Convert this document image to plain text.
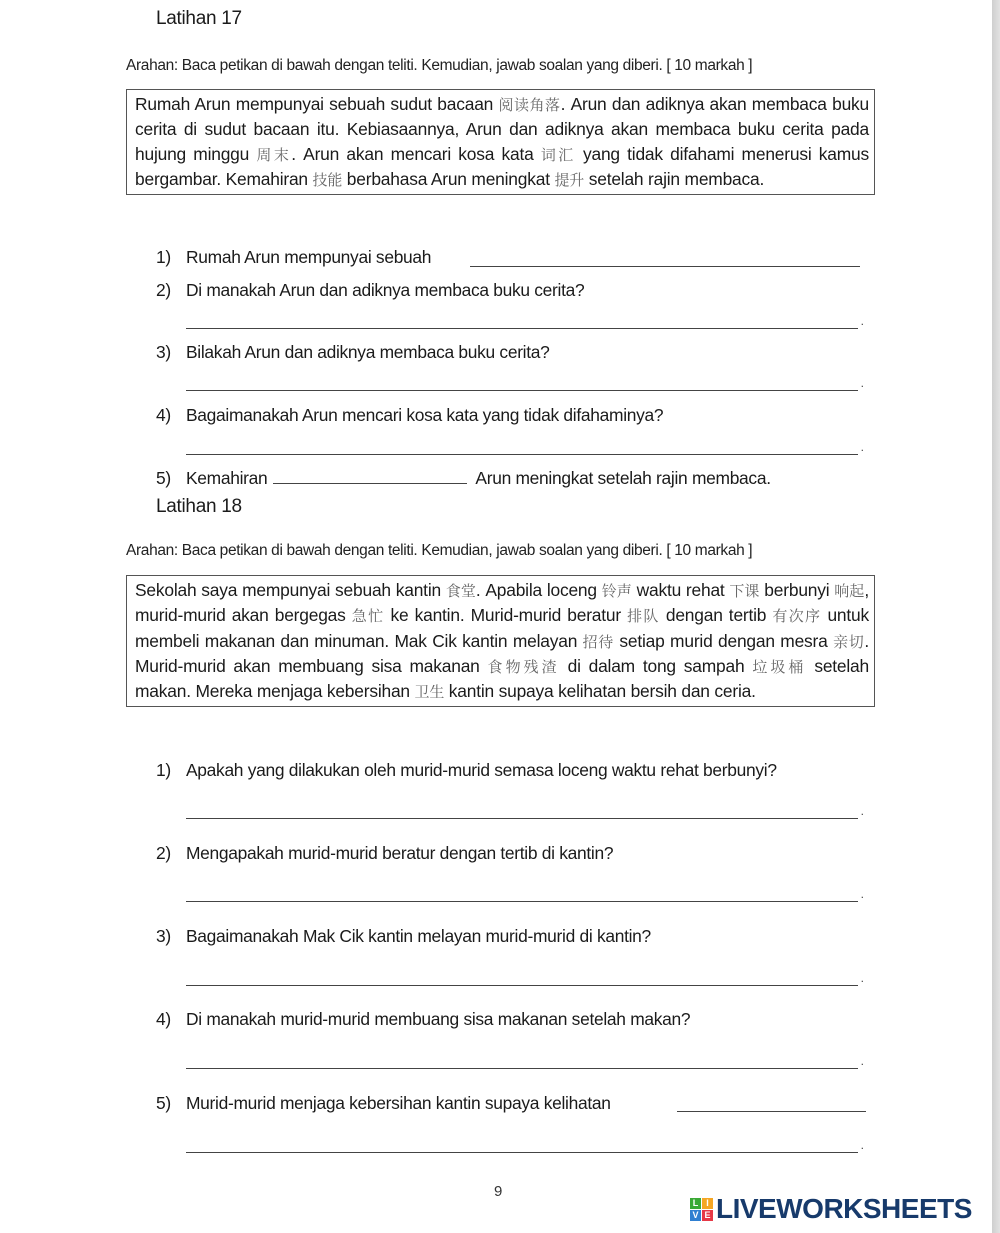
Latihan 17
Arahan: Baca petikan di bawah dengan teliti. Kemudian, jawab soalan yang diberi. [ 10 markah ]
Rumah Arun mempunyai sebuah sudut bacaan 阅读角落. Arun dan adiknya akan membaca buku cerita di sudut bacaan itu. Kebiasaannya, Arun dan adiknya akan membaca buku cerita pada hujung minggu 周末. Arun akan mencari kosa kata 词汇 yang tidak difahami menerusi kamus bergambar. Kemahiran 技能 berbahasa Arun meningkat 提升 setelah rajin membaca.
1) Rumah Arun mempunyai sebuah
2) Di manakah Arun dan adiknya membaca buku cerita?
.
3) Bilakah Arun dan adiknya membaca buku cerita?
.
4) Bagaimanakah Arun mencari kosa kata yang tidak difahaminya?
.
5) Kemahiran	Arun meningkat setelah rajin membaca.
Latihan 18
Arahan: Baca petikan di bawah dengan teliti. Kemudian, jawab soalan yang diberi. [ 10 markah ]
Sekolah saya mempunyai sebuah kantin 食堂. Apabila loceng 铃声 waktu rehat 下课 berbunyi 响起, murid-murid akan bergegas 急忙 ke kantin. Murid-murid beratur 排队 dengan tertib 有次序 untuk membeli makanan dan minuman. Mak Cik kantin melayan 招待 setiap murid dengan mesra 亲切. Murid-murid akan membuang sisa makanan 食物残渣 di dalam tong sampah 垃圾桶 setelah makan. Mereka menjaga kebersihan 卫生 kantin supaya kelihatan bersih dan ceria.
1) Apakah yang dilakukan oleh murid-murid semasa loceng waktu rehat berbunyi?
.
2) Mengapakah murid-murid beratur dengan tertib di kantin?
.
3) Bagaimanakah Mak Cik kantin melayan murid-murid di kantin?
.
4) Di manakah murid-murid membuang sisa makanan setelah makan?
.
5) Murid-murid menjaga kebersihan kantin supaya kelihatan
.
9
L I
V E LIVEWORKSHEETS
